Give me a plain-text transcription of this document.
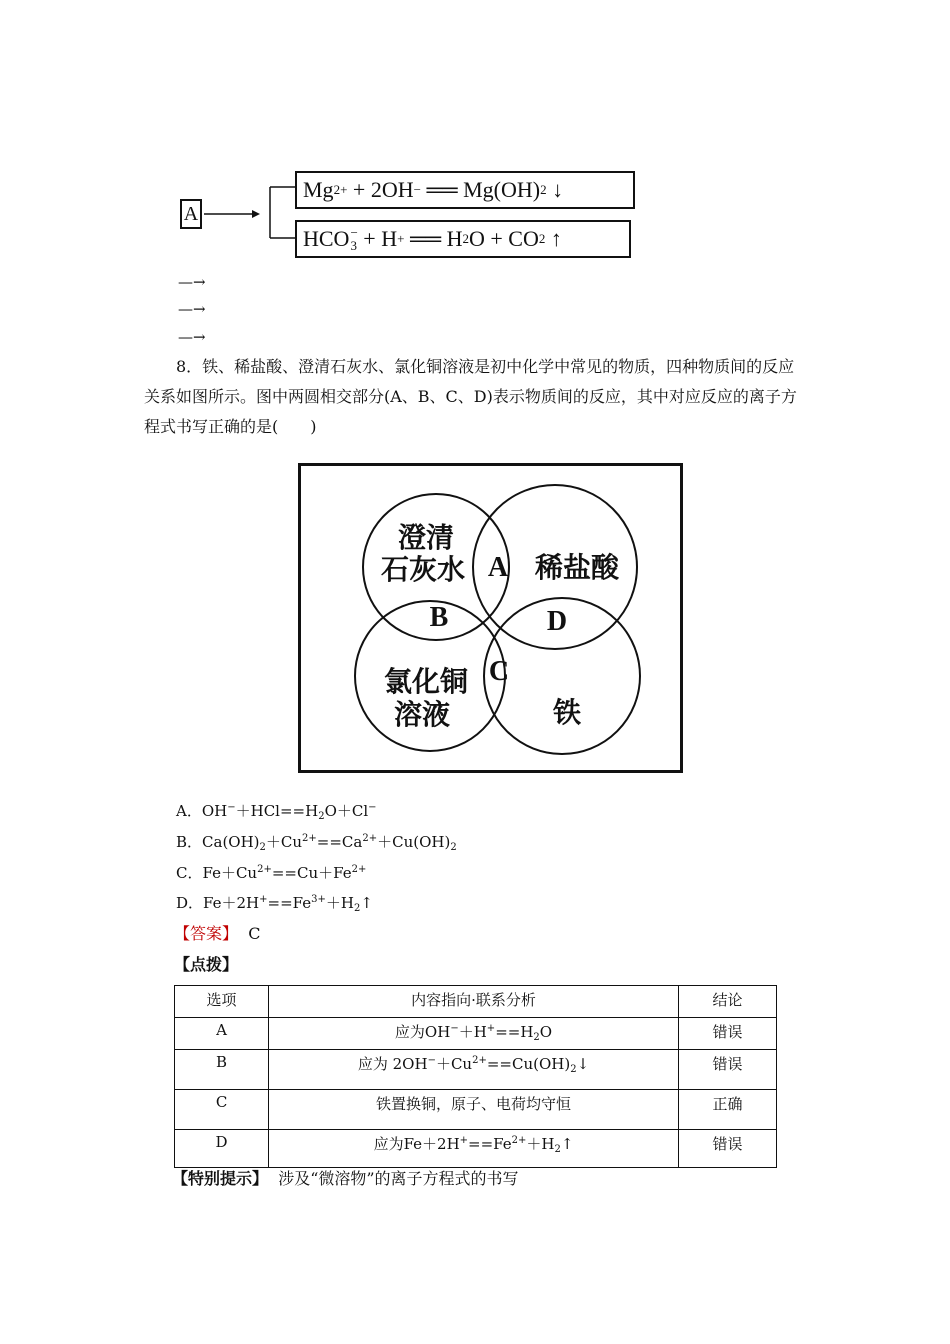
A
Mg 2+
+ 2OH −
══ Mg(OH) 2
↓
HCO −
3
+ H +
══ H 2 O + CO 2
↑
—→
—→
—→
8．铁、稀盐酸、澄清石灰水、氯化铜溶液是初中化学中常见的物质，四种物质间的反应关系如图所示。图中两圆相交部分(A、B、C、D)表示物质间的反应，其中对应反应的离子方程式书写正确的是(　　)
澄清
石灰水 稀盐酸
氯化铜
溶液	铁
A
B
C
D
A．$OH^-+HCl==H_2O+Cl^-$
B．$Ca(OH)_2+Cu^{2+}==Ca^{2+}+Cu(OH)_2$
C．$Fe+Cu^{2+}==Cu+Fe^{2+}$
D．$Fe+2H^+==Fe^{3+}+H_2↑$
【答案】 C
【点拨】
选项	内容指向·联系分析	结论
A	应为$OH^-+H^+==H_2O$	错误
B	应为 $2OH^-+Cu^{2+}==Cu(OH)_2↓$	错误
C	铁置换铜，原子、电荷均守恒	正确
D	应为$Fe+2H^+==Fe^{2+}+H_2↑$	错误
【特别提示】 涉及“微溶物”的离子方程式的书写
